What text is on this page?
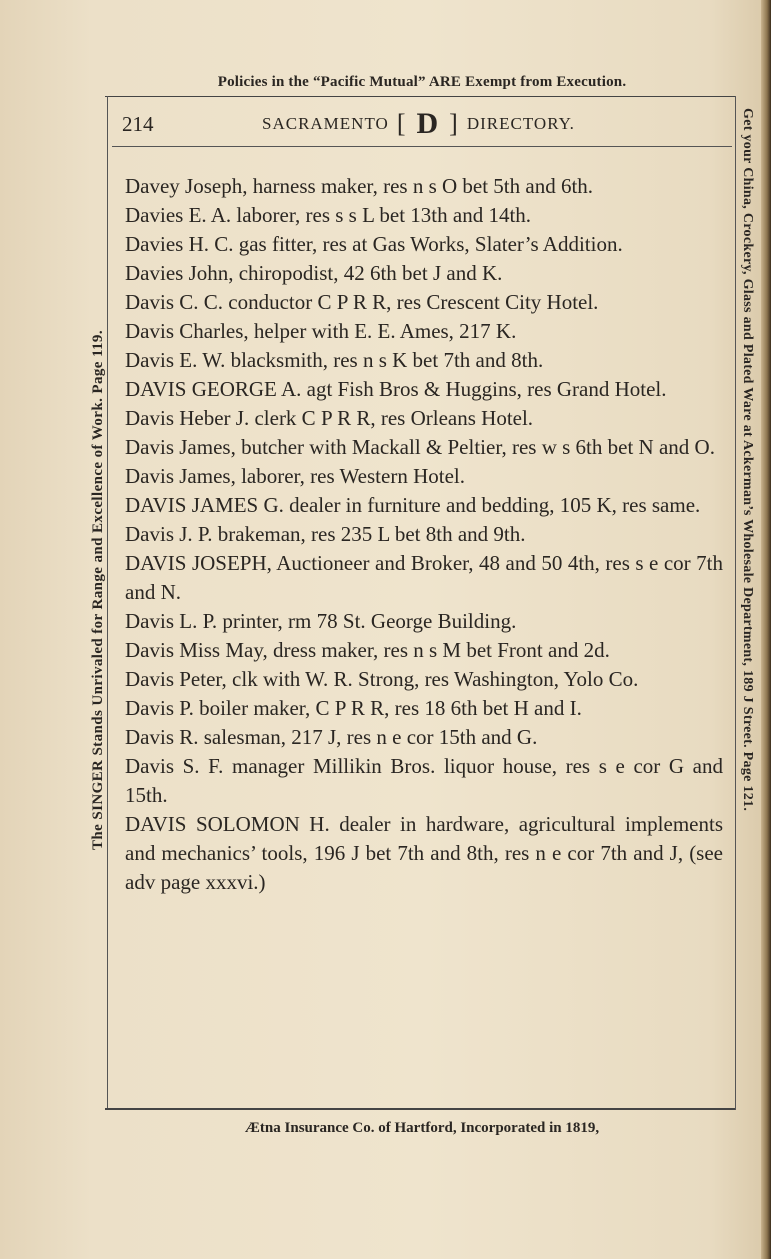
Policies in the “Pacific Mutual” ARE Exempt from Execution.
214	SACRAMENTO [ D ] DIRECTORY.
Davey Joseph, harness maker, res n s O bet 5th and 6th.
Davies E. A. laborer, res s s L bet 13th and 14th.
Davies H. C. gas fitter, res at Gas Works, Slater’s Addition.
Davies John, chiropodist, 42 6th bet J and K.
Davis C. C. conductor C P R R, res Crescent City Hotel.
Davis Charles, helper with E. E. Ames, 217 K.
Davis E. W. blacksmith, res n s K bet 7th and 8th.
DAVIS GEORGE A. agt Fish Bros & Huggins, res Grand Hotel.
Davis Heber J. clerk C P R R, res Orleans Hotel.
Davis James, butcher with Mackall & Peltier, res w s 6th bet N and O.
Davis James, laborer, res Western Hotel.
DAVIS JAMES G. dealer in furniture and bedding, 105 K, res same.
Davis J. P. brakeman, res 235 L bet 8th and 9th.
DAVIS JOSEPH, Auctioneer and Broker, 48 and 50 4th, res s e cor 7th and N.
Davis L. P. printer, rm 78 St. George Building.
Davis Miss May, dress maker, res n s M bet Front and 2d.
Davis Peter, clk with W. R. Strong, res Washington, Yolo Co.
Davis P. boiler maker, C P R R, res 18 6th bet H and I.
Davis R. salesman, 217 J, res n e cor 15th and G.
Davis S. F. manager Millikin Bros. liquor house, res s e cor G and 15th.
DAVIS SOLOMON H. dealer in hardware, agricultural implements and mechanics’ tools, 196 J bet 7th and 8th, res n e cor 7th and J, (see adv page xxxvi.)
Ætna Insurance Co. of Hartford, Incorporated in 1819,
The SINGER Stands Unrivaled for Range and Excellence of Work. Page 119.	Get your China, Crockery, Glass and Plated Ware at Ackerman’s Wholesale Department, 189 J Street. Page 121.
